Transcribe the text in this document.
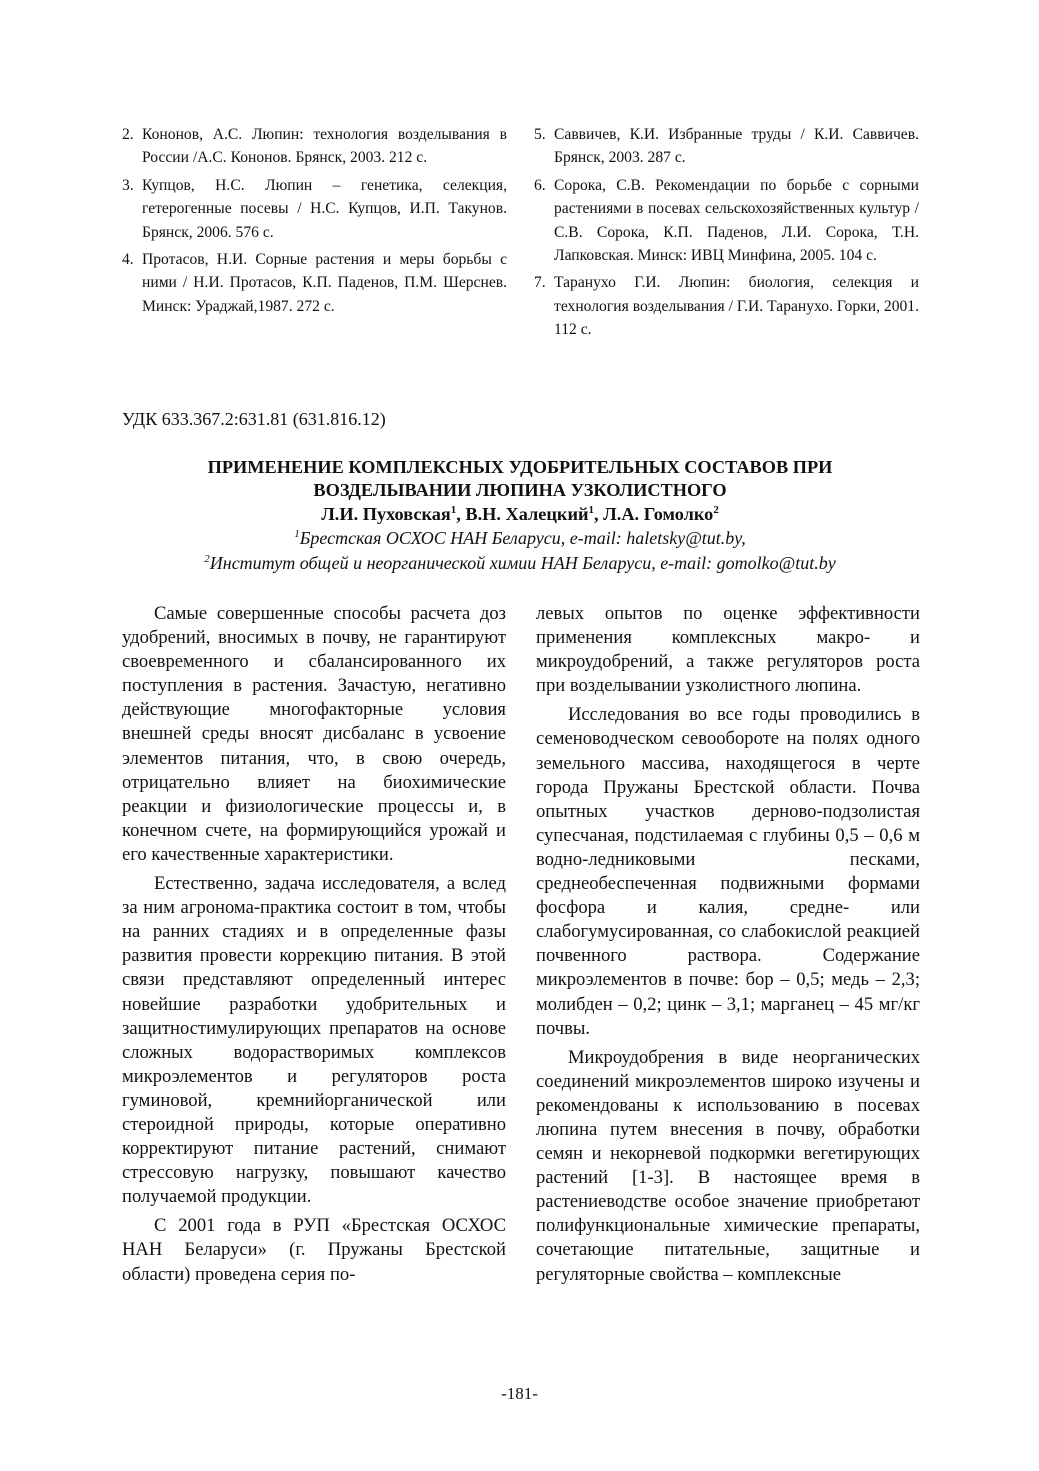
2. Кононов, А.С. Люпин: технология возделывания в России /А.С. Кононов. Брянск, 2003. 212 с.

3. Купцов, Н.С. Люпин – генетика, селекция, гетерогенные посевы / Н.С. Купцов, И.П. Такунов. Брянск, 2006. 576 с.

4. Протасов, Н.И. Сорные растения и меры борьбы с ними / Н.И. Протасов, К.П. Паденов, П.М. Шерснев. Минск: Ураджай,1987. 272 с.

5. Саввичев, К.И. Избранные труды / К.И. Саввичев. Брянск, 2003. 287 с.

6. Сорока, С.В. Рекомендации по борьбе с сорными растениями в посевах сельскохозяйственных культур / С.В. Сорока, К.П. Паденов, Л.И. Сорока, Т.Н. Лапковская. Минск: ИВЦ Минфина, 2005. 104 с.

7.Таранухо Г.И. Люпин: биология, селекция и технология возделывания / Г.И. Таранухо. Горки, 2001. 112 с.

УДК 633.367.2:631.81 (631.816.12)
ПРИМЕНЕНИЕ КОМПЛЕКСНЫХ УДОБРИТЕЛЬНЫХ СОСТАВОВ ПРИ
ВОЗДЕЛЫВАНИИ ЛЮПИНА УЗКОЛИСТНОГО
Л.И. Пуховская$^1$, В.Н. Халецкий$^1$, Л.А. Гомолко$^2$
$^1$Брестская ОСХОС НАН Беларуси, e-mail: haletsky@tut.by,
$^2$Институт общей и неорганической химии НАН Беларуси, e-mail: gomolko@tut.by

Самые совершенные способы расчета доз удобрений, вносимых в почву, не гарантируют своевременного и сбалансированного их поступления в растения. Зачастую, негативно действующие многофакторные условия внешней среды вносят дисбаланс в усвоение элементов питания, что, в свою очередь, отрицательно влияет на биохимические реакции и физиологические процессы и, в конечном счете, на формирующийся урожай и его качественные характеристики.

Естественно, задача исследователя, а вслед за ним агронома-практика состоит в том, чтобы на ранних стадиях и в определенные фазы развития провести коррекцию питания. В этой связи представляют определенный интерес новейшие разработки удобрительных и защитностимулирующих препаратов на основе сложных водорастворимых комплексов микроэлементов и регуляторов роста гуминовой, кремнийорганической или стероидной природы, которые оперативно корректируют питание растений, снимают стрессовую нагрузку, повышают качество получаемой продукции.

С 2001 года в РУП «Брестская ОСХОС НАН Беларуси» (г. Пружаны Брестской области) проведена серия по-

левых опытов по оценке эффективности применения комплексных макро- и микроудобрений, а также регуляторов роста при возделывании узколистного люпина.

Исследования во все годы проводились в семеноводческом севообороте на полях одного земельного массива, находящегося в черте города Пружаны Брестской области. Почва опытных участков дерново-подзолистая супесчаная, подстилаемая с глубины 0,5 – 0,6 м водно-ледниковыми песками, среднеобеспеченная подвижными формами фосфора и калия, средне- или слабогумусированная, со слабокислой реакцией почвенного раствора. Содержание микроэлементов в почве: бор – 0,5; медь – 2,3; молибден – 0,2; цинк – 3,1; марганец – 45 мг/кг почвы.

Микроудобрения в виде неорганических соединений микроэлементов широко изучены и рекомендованы к использованию в посевах люпина путем внесения в почву, обработки семян и некорневой подкормки вегетирующих растений [1-3]. В настоящее время в растениеводстве особое значение приобретают полифункциональные химические препараты, сочетающие питательные, защитные и регуляторные свойства – комплексные

-181-
